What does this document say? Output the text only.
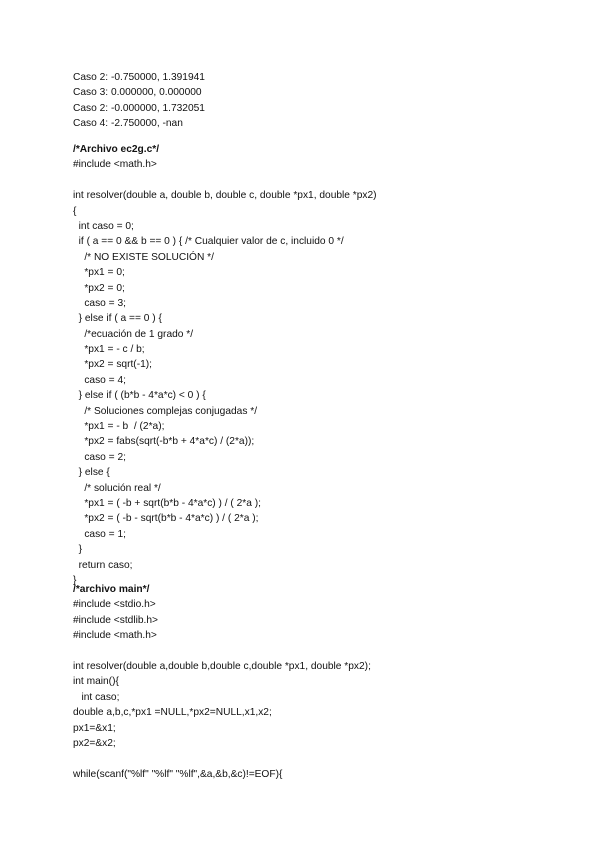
Caso 2: -0.750000, 1.391941
Caso 3: 0.000000, 0.000000
Caso 2: -0.000000, 1.732051
Caso 4: -2.750000, -nan
/*Archivo ec2g.c*/
#include <math.h>
int resolver(double a, double b, double c, double *px1, double *px2)
{
int caso = 0;
if ( a == 0 && b == 0 ) { /* Cualquier valor de c, incluido 0 */
/* NO EXISTE SOLUCIÓN */
*px1 = 0;
*px2 = 0;
caso = 3;
} else if ( a == 0 ) {
/*ecuación de 1 grado */
*px1 = - c / b;
*px2 = sqrt(-1);
caso = 4;
} else if ( (b*b - 4*a*c) < 0 ) {
/* Soluciones complejas conjugadas */
*px1 = - b  / (2*a);
*px2 = fabs(sqrt(-b*b + 4*a*c) / (2*a));
caso = 2;
} else {
/* solución real */
*px1 = ( -b + sqrt(b*b - 4*a*c) ) / ( 2*a );
*px2 = ( -b - sqrt(b*b - 4*a*c) ) / ( 2*a );
caso = 1;
}
return caso;
}
/*archivo main*/
#include <stdio.h>
#include <stdlib.h>
#include <math.h>
int resolver(double a,double b,double c,double *px1, double *px2);
int main(){
int caso;
double a,b,c,*px1 =NULL,*px2=NULL,x1,x2;
px1=&x1;
px2=&x2;
while(scanf("%lf" "%lf" "%lf",&a,&b,&c)!=EOF){
